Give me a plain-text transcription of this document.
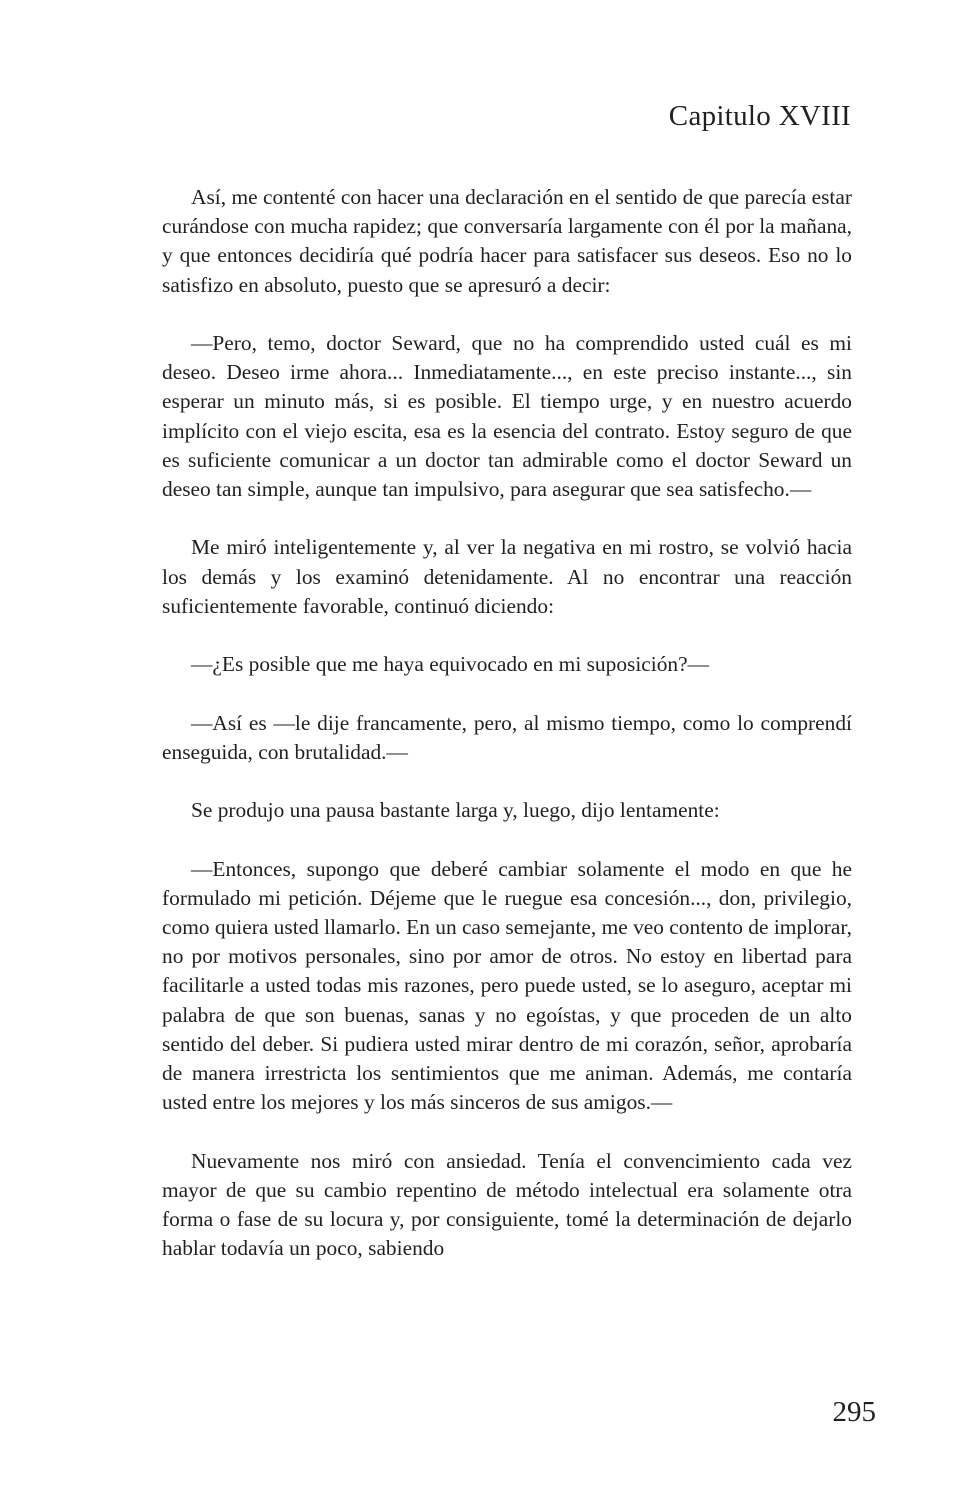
Capitulo XVIII

Así, me contenté con hacer una declaración en el sentido de que parecía estar curándose con mucha rapidez; que conversaría largamente con él por la mañana, y que entonces decidiría qué podría hacer para satisfacer sus deseos. Eso no lo satisfizo en absoluto, puesto que se apresuró a decir:

—Pero, temo, doctor Seward, que no ha comprendido usted cuál es mi deseo. Deseo irme ahora... Inmediatamente..., en este preciso instante..., sin esperar un minuto más, si es posible. El tiempo urge, y en nuestro acuerdo implícito con el viejo escita, esa es la esencia del contrato. Estoy seguro de que es suficiente comunicar a un doctor tan admirable como el doctor Seward un deseo tan simple, aunque tan impulsivo, para asegurar que sea satisfecho.—

Me miró inteligentemente y, al ver la negativa en mi rostro, se volvió hacia los demás y los examinó detenidamente. Al no encontrar una reacción suficientemente favorable, continuó diciendo:

—¿Es posible que me haya equivocado en mi suposición?—

—Así es —le dije francamente, pero, al mismo tiempo, como lo comprendí enseguida, con brutalidad.—

Se produjo una pausa bastante larga y, luego, dijo lentamente:

—Entonces, supongo que deberé cambiar solamente el modo en que he formulado mi petición. Déjeme que le ruegue esa concesión..., don, privilegio, como quiera usted llamarlo. En un caso semejante, me veo contento de implorar, no por motivos personales, sino por amor de otros. No estoy en libertad para facilitarle a usted todas mis razones, pero puede usted, se lo aseguro, aceptar mi palabra de que son buenas, sanas y no egoístas, y que proceden de un alto sentido del deber. Si pudiera usted mirar dentro de mi corazón, señor, aprobaría de manera irrestricta los sentimientos que me animan. Además, me contaría usted entre los mejores y los más sinceros de sus amigos.—

Nuevamente nos miró con ansiedad. Tenía el convencimiento cada vez mayor de que su cambio repentino de método intelectual era solamente otra forma o fase de su locura y, por consiguiente, tomé la determinación de dejarlo hablar todavía un poco, sabiendo

295
